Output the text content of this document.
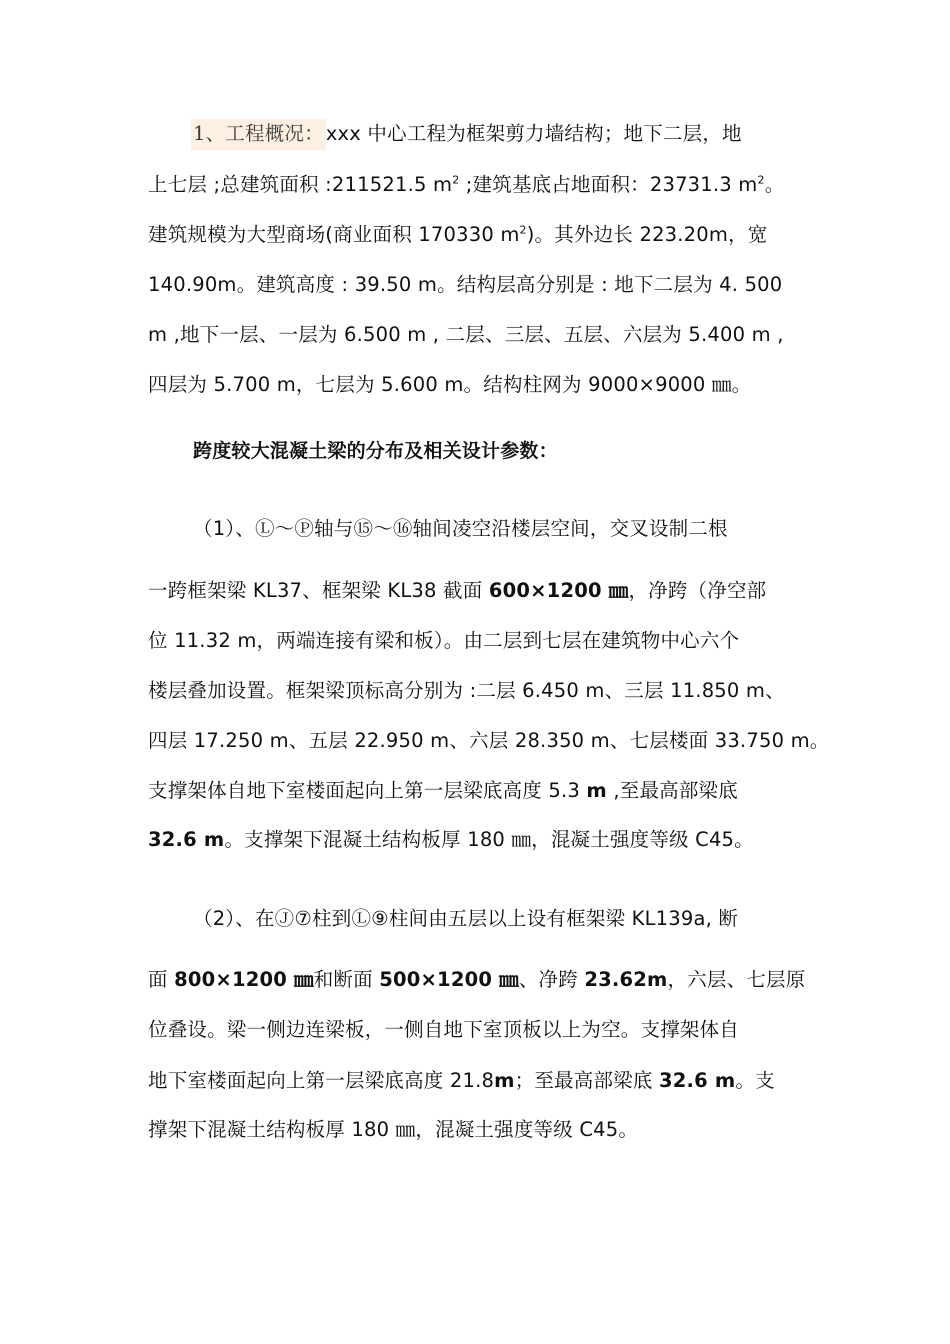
1、工程概况： xxx 中心工程为框架剪力墙结构；地下二层，地
上七层 ;总建筑面积 :211521.5 $m^2$ ;建筑基底占地面积：23731.3 $m^2$。
建筑规模为大型商场(商业面积 170330 $m^2$)。其外边长 223.20m，宽
140.90m。建筑高度 : 39.50 m。结构层高分别是 : 地下二层为 4. 500
m ,地下一层、一层为 6.500 m , 二层、三层、五层、六层为 5.400 m ,
四层为 5.700 m，七层为 5.600 m。结构柱网为 9000×9000 ㎜。
跨度较大混凝土梁的分布及相关设计参数：
（1）、Ⓛ～Ⓟ轴与⑮～⑯轴间凌空沿楼层空间，交叉设制二根
一跨框架梁 KL37、框架梁 KL38 截面 600×1200 ㎜，净跨（净空部
位 11.32 m，两端连接有梁和板）。由二层到七层在建筑物中心六个
楼层叠加设置。框架梁顶标高分别为 :二层 6.450 m、三层 11.850 m、
四层 17.250 m、五层 22.950 m、六层 28.350 m、七层楼面 33.750 m。
支撑架体自地下室楼面起向上第一层梁底高度 5.3 m ,至最高部梁底
32.6 m。支撑架下混凝土结构板厚 180 ㎜，混凝土强度等级 C45。
（2）、在Ⓙ⑦柱到Ⓛ⑨柱间由五层以上设有框架梁 KL139a, 断
面 800×1200 ㎜和断面 500×1200 ㎜、净跨 23.62m，六层、七层原
位叠设。梁一侧边连梁板，一侧自地下室顶板以上为空。支撑架体自
地下室楼面起向上第一层梁底高度 21.8m；至最高部梁底 32.6 m。支
撑架下混凝土结构板厚 180 ㎜，混凝土强度等级 C45。
